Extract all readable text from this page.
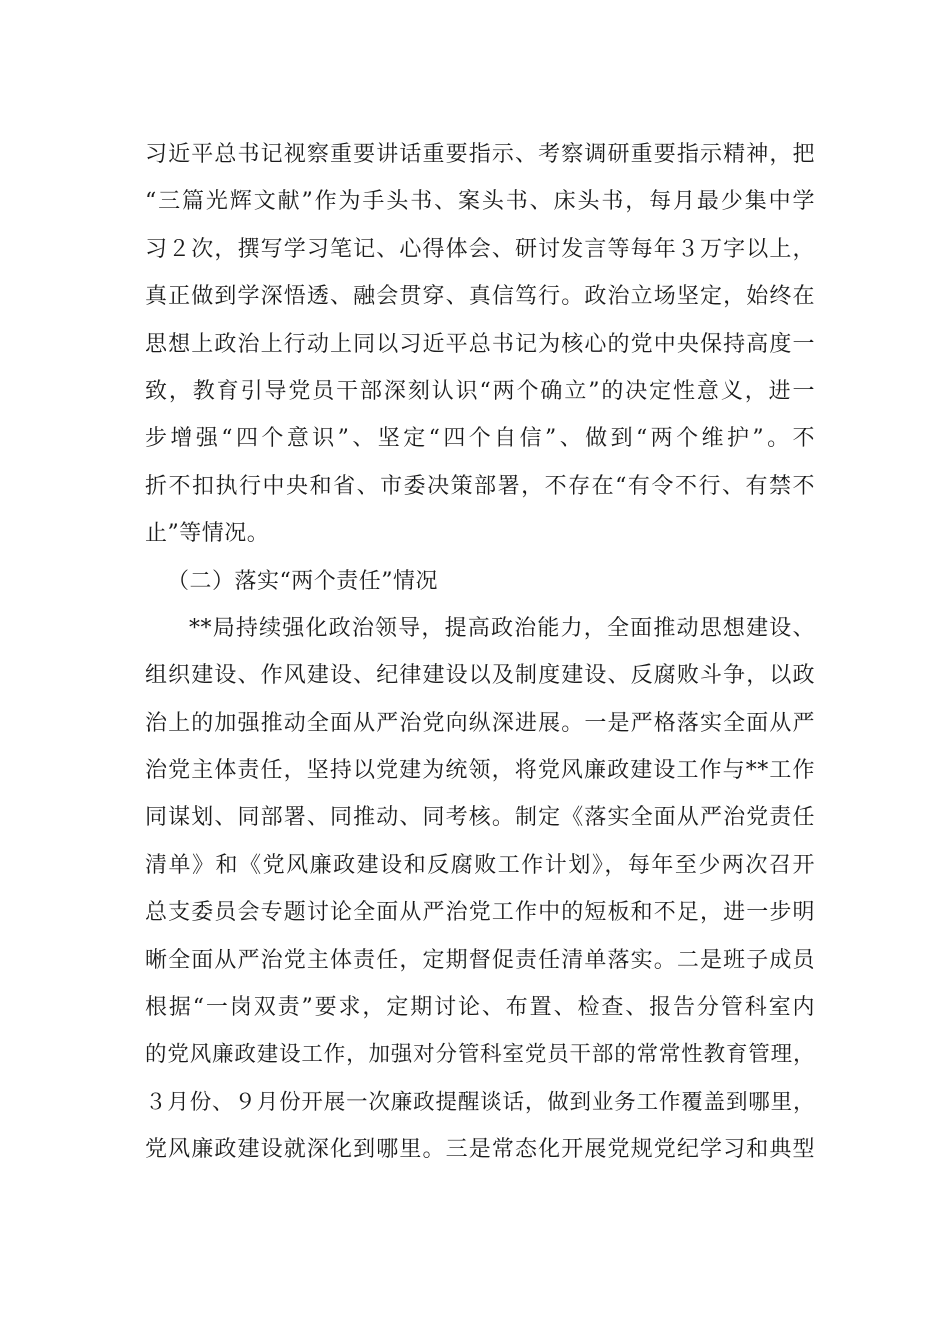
习近平总书记视察重要讲话重要指示、考察调研重要指示精神，把
“三篇光辉文献”作为手头书、案头书、床头书，每月最少集中学
习２次，撰写学习笔记、心得体会、研讨发言等每年３万字以上，
真正做到学深悟透、融会贯穿、真信笃行。政治立场坚定，始终在
思想上政治上行动上同以习近平总书记为核心的党中央保持高度一
致，教育引导党员干部深刻认识“两个确立”的决定性意义，进一
步增强“四个意识”、坚定“四个自信”、做到“两个维护”。不
折不扣执行中央和省、市委决策部署，不存在“有令不行、有禁不
止”等情况。
（二）落实“两个责任”情况
**局持续强化政治领导，提高政治能力，全面推动思想建设、
组织建设、作风建设、纪律建设以及制度建设、反腐败斗争，以政
治上的加强推动全面从严治党向纵深进展。一是严格落实全面从严
治党主体责任，坚持以党建为统领，将党风廉政建设工作与**工作
同谋划、同部署、同推动、同考核。制定《落实全面从严治党责任
清单》和《党风廉政建设和反腐败工作计划》，每年至少两次召开
总支委员会专题讨论全面从严治党工作中的短板和不足，进一步明
晰全面从严治党主体责任，定期督促责任清单落实。二是班子成员
根据“一岗双责”要求，定期讨论、布置、检查、报告分管科室内
的党风廉政建设工作，加强对分管科室党员干部的常常性教育管理，
３月份、９月份开展一次廉政提醒谈话，做到业务工作覆盖到哪里，
党风廉政建设就深化到哪里。三是常态化开展党规党纪学习和典型
